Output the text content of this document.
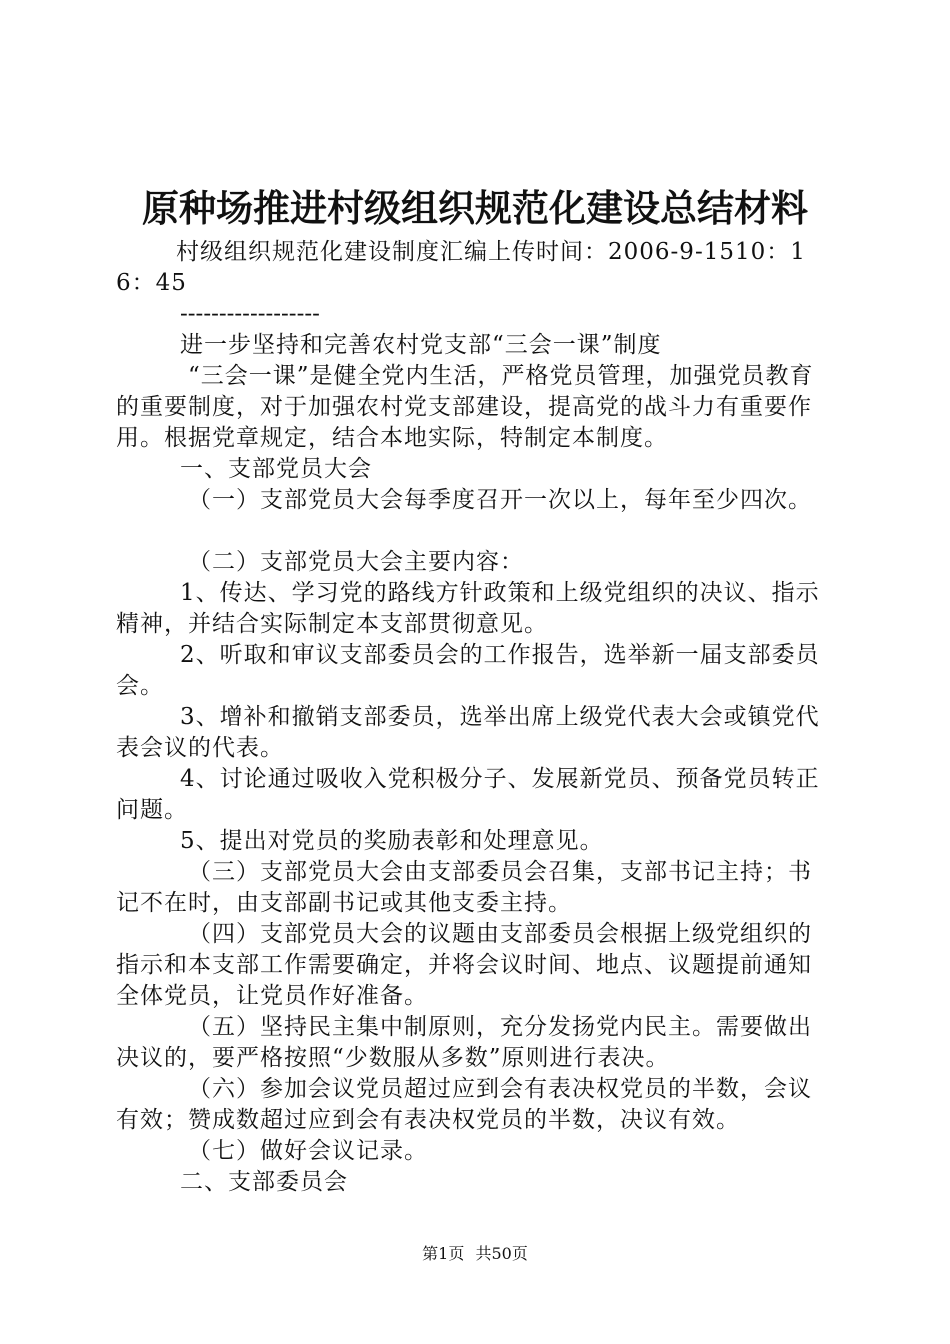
原种场推进村级组织规范化建设总结材料

村级组织规范化建设制度汇编上传时间：2006-9-1510：16：45

------------------

进一步坚持和完善农村党支部“三会一课”制度

“三会一课”是健全党内生活，严格党员管理，加强党员教育的重要制度，对于加强农村党支部建设，提高党的战斗力有重要作用。根据党章规定，结合本地实际，特制定本制度。

一、支部党员大会

（一）支部党员大会每季度召开一次以上，每年至少四次。

（二）支部党员大会主要内容：

1、传达、学习党的路线方针政策和上级党组织的决议、指示精神，并结合实际制定本支部贯彻意见。

2、听取和审议支部委员会的工作报告，选举新一届支部委员会。

3、增补和撤销支部委员，选举出席上级党代表大会或镇党代表会议的代表。

4、讨论通过吸收入党积极分子、发展新党员、预备党员转正问题。

5、提出对党员的奖励表彰和处理意见。

（三）支部党员大会由支部委员会召集，支部书记主持；书记不在时，由支部副书记或其他支委主持。

（四）支部党员大会的议题由支部委员会根据上级党组织的指示和本支部工作需要确定，并将会议时间、地点、议题提前通知全体党员，让党员作好准备。

（五）坚持民主集中制原则，充分发扬党内民主。需要做出决议的，要严格按照“少数服从多数”原则进行表决。

（六）参加会议党员超过应到会有表决权党员的半数，会议有效；赞成数超过应到会有表决权党员的半数，决议有效。

（七）做好会议记录。

二、支部委员会

第1页 共50页
